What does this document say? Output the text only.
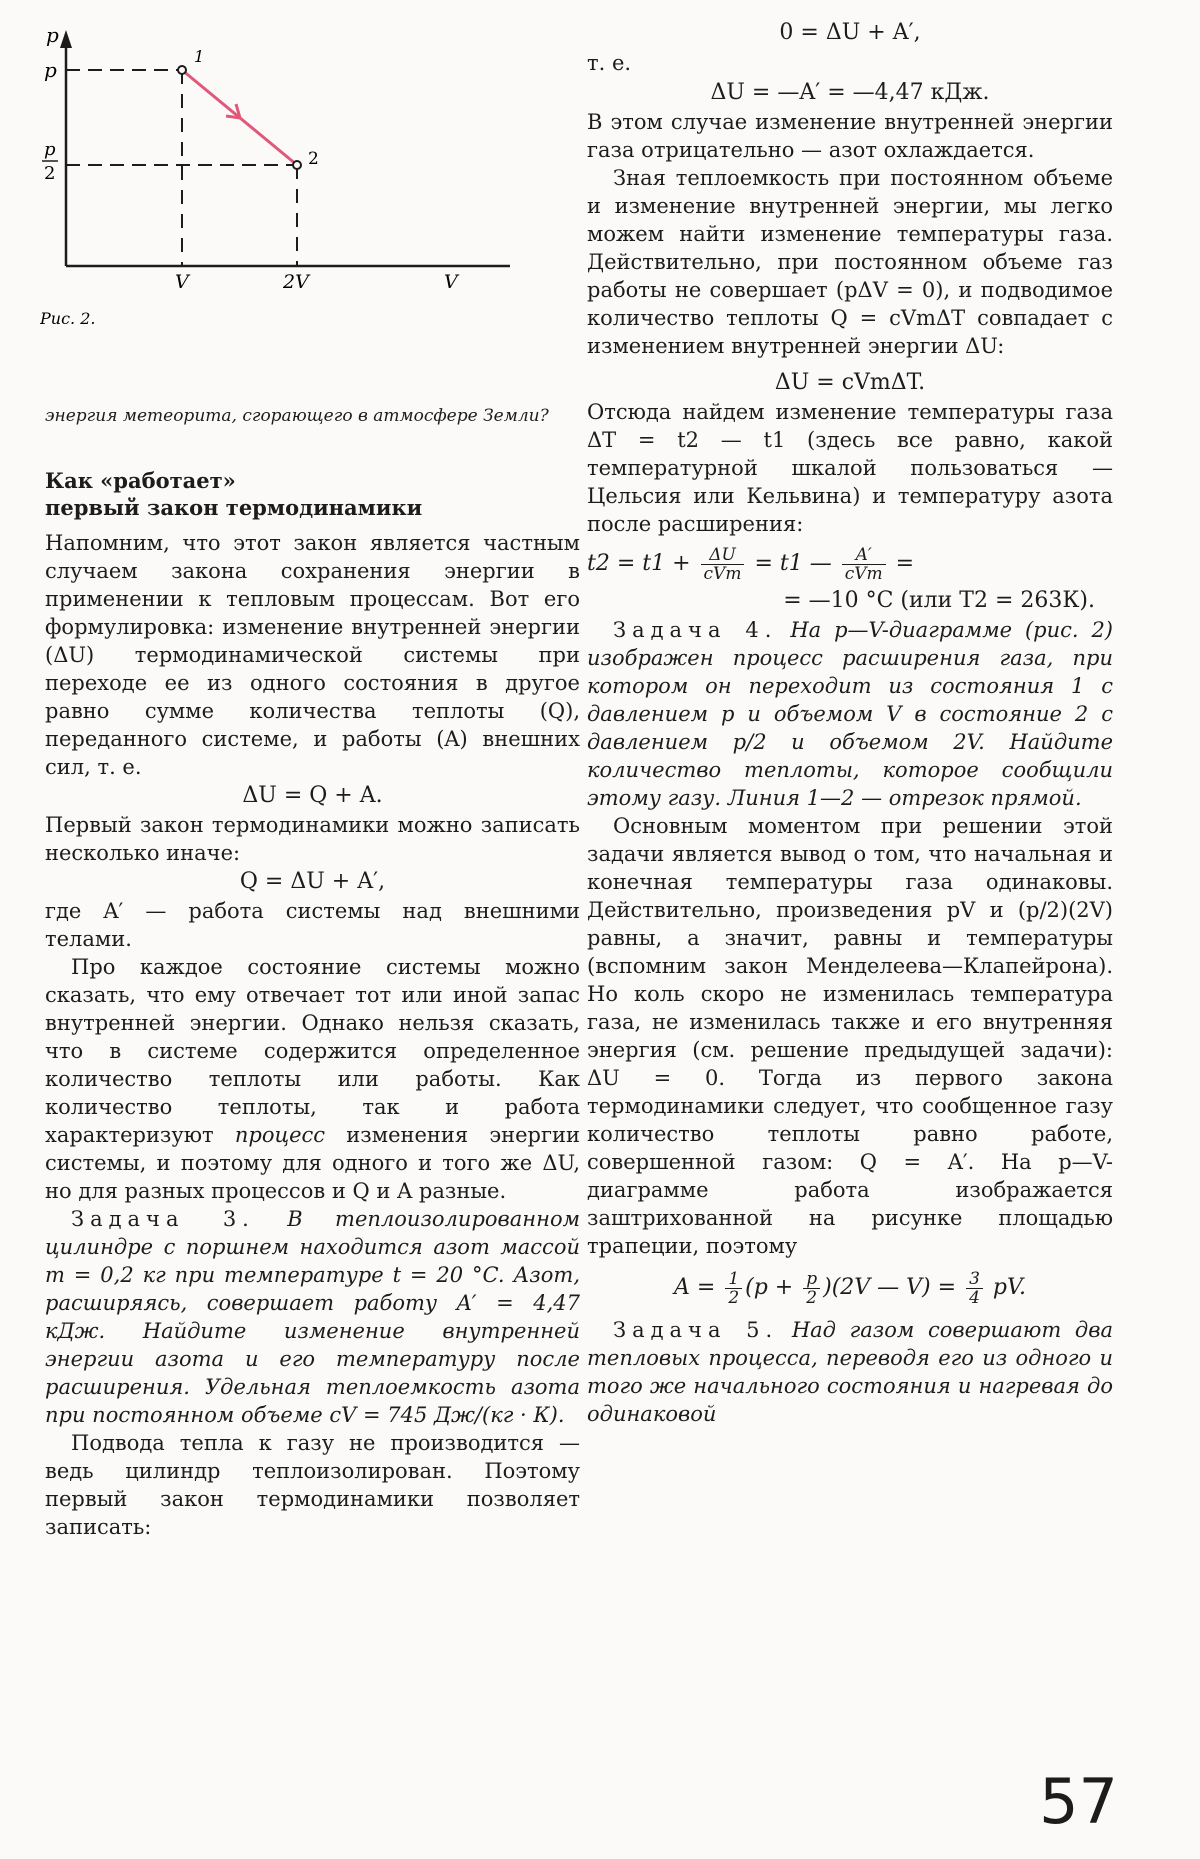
p
p
p
2
1
2
V	2V	V
Рис. 2.

энергия метеорита, сгорающего в атмосфере Земли?

Как «работает»
первый закон термодинамики

Напомним, что этот закон является частным случаем закона сохранения энергии в применении к тепловым процессам. Вот его формулировка: изменение внутренней энергии (ΔU) термодинамической системы при переходе ее из одного состояния в другое равно сумме количества теплоты (Q), переданного системе, и работы (A) внешних сил, т. е.

ΔU = Q + A.

Первый закон термодинамики можно записать несколько иначе:

Q = ΔU + A′,

где A′ — работа системы над внешними телами.

Про каждое состояние системы можно сказать, что ему отвечает тот или иной запас внутренней энергии. Однако нельзя сказать, что в системе содержится определенное количество теплоты или работы. Как количество теплоты, так и работа характеризуют процесс изменения энергии системы, и поэтому для одного и того же ΔU, но для разных процессов и Q и A разные.

Задача 3. В теплоизолированном цилиндре с поршнем находится азот массой m = 0,2 кг при температуре t = 20 °C. Азот, расширяясь, совершает работу A′ = 4,47 кДж. Найдите изменение внутренней энергии азота и его температуру после расширения. Удельная теплоемкость азота при постоянном объеме cV = 745 Дж/(кг · К).

Подвода тепла к газу не производится — ведь цилиндр теплоизолирован. Поэтому первый закон термодинамики позволяет записать:

0 = ΔU + A′,

т. е.

ΔU = —A′ = —4,47 кДж.

В этом случае изменение внутренней энергии газа отрицательно — азот охлаждается.

Зная теплоемкость при постоянном объеме и изменение внутренней энергии, мы легко можем найти изменение температуры газа. Действительно, при постоянном объеме газ работы не совершает (pΔV = 0), и подводимое количество теплоты Q = cVmΔT совпадает с изменением внутренней энергии ΔU:

ΔU = cVmΔT.

Отсюда найдем изменение температуры газа ΔT = t2 — t1 (здесь все равно, какой температурной шкалой пользоваться — Цельсия или Кельвина) и температуру азота после расширения:

$t2 = t1 + \frac{\Delta U}{\text{cVm}} = t1$ — $\frac{A'}{\text{cVm}}$ =

= —10 °C (или T2 = 263К).

Задача 4. На p—V-диаграмме (рис. 2) изображен процесс расширения газа, при котором он переходит из состояния 1 с давлением p и объемом V в состояние 2 с давлением p/2 и объемом 2V. Найдите количество теплоты, которое сообщили этому газу. Линия 1—2 — отрезок прямой.

Основным моментом при решении этой задачи является вывод о том, что начальная и конечная температуры газа одинаковы. Действительно, произведения pV и (p/2)(2V) равны, а значит, равны и температуры (вспомним закон Менделеева—Клапейрона). Но коль скоро не изменилась температура газа, не изменилась также и его внутренняя энергия (см. решение предыдущей задачи): ΔU = 0. Тогда из первого закона термодинамики следует, что сообщенное газу количество теплоты равно работе, совершенной газом: Q = A′. На p—V-диаграмме работа изображается заштрихованной на рисунке площадью трапеции, поэтому

$A = \frac{1}{2} (p + \frac{p}{2} )(2V$ — $V) = \frac{3}{4}$ pV.

Задача 5. Над газом совершают два тепловых процесса, переводя его из одного и того же начального состояния и нагревая до одинаковой

57
